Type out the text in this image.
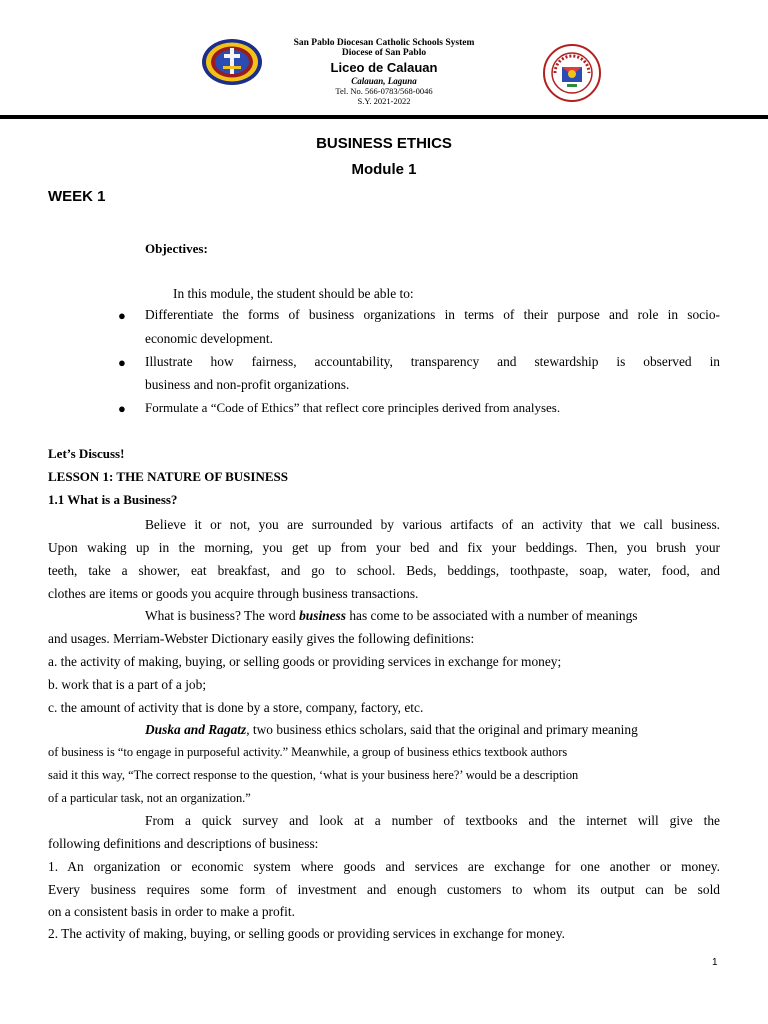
San Pablo Diocesan Catholic Schools System
Diocese of San Pablo
Liceo de Calauan
Calauan, Laguna
Tel. No. 566-0783/568-0046
S.Y. 2021-2022
BUSINESS ETHICS
Module 1
WEEK 1
Objectives:
In this module, the student should be able to:
● Differentiate the forms of business organizations in terms of their purpose and role in socio-
economic development.
● Illustrate how fairness, accountability, transparency and stewardship is observed in
business and non-profit organizations.
● Formulate a “Code of Ethics” that reflect core principles derived from analyses.
Let’s Discuss!
LESSON 1: THE NATURE OF BUSINESS
1.1 What is a Business?
Believe it or not, you are surrounded by various artifacts of an activity that we call business.
Upon waking up in the morning, you get up from your bed and fix your beddings. Then, you brush your
teeth, take a shower, eat breakfast, and go to school. Beds, beddings, toothpaste, soap, water, food, and
clothes are items or goods you acquire through business transactions.
What is business? The word business has come to be associated with a number of meanings
and usages. Merriam-Webster Dictionary easily gives the following definitions:
a. the activity of making, buying, or selling goods or providing services in exchange for money;
b. work that is a part of a job;
c. the amount of activity that is done by a store, company, factory, etc.
Duska and Ragatz, two business ethics scholars, said that the original and primary meaning
of business is “to engage in purposeful activity.” Meanwhile, a group of business ethics textbook authors
said it this way, “The correct response to the question, ‘what is your business here?’ would be a description
of a particular task, not an organization.”
From a quick survey and look at a number of textbooks and the internet will give the
following definitions and descriptions of business:
1. An organization or economic system where goods and services are exchange for one another or money.
Every business requires some form of investment and enough customers to whom its output can be sold
on a consistent basis in order to make a profit.
2. The activity of making, buying, or selling goods or providing services in exchange for money.
1
